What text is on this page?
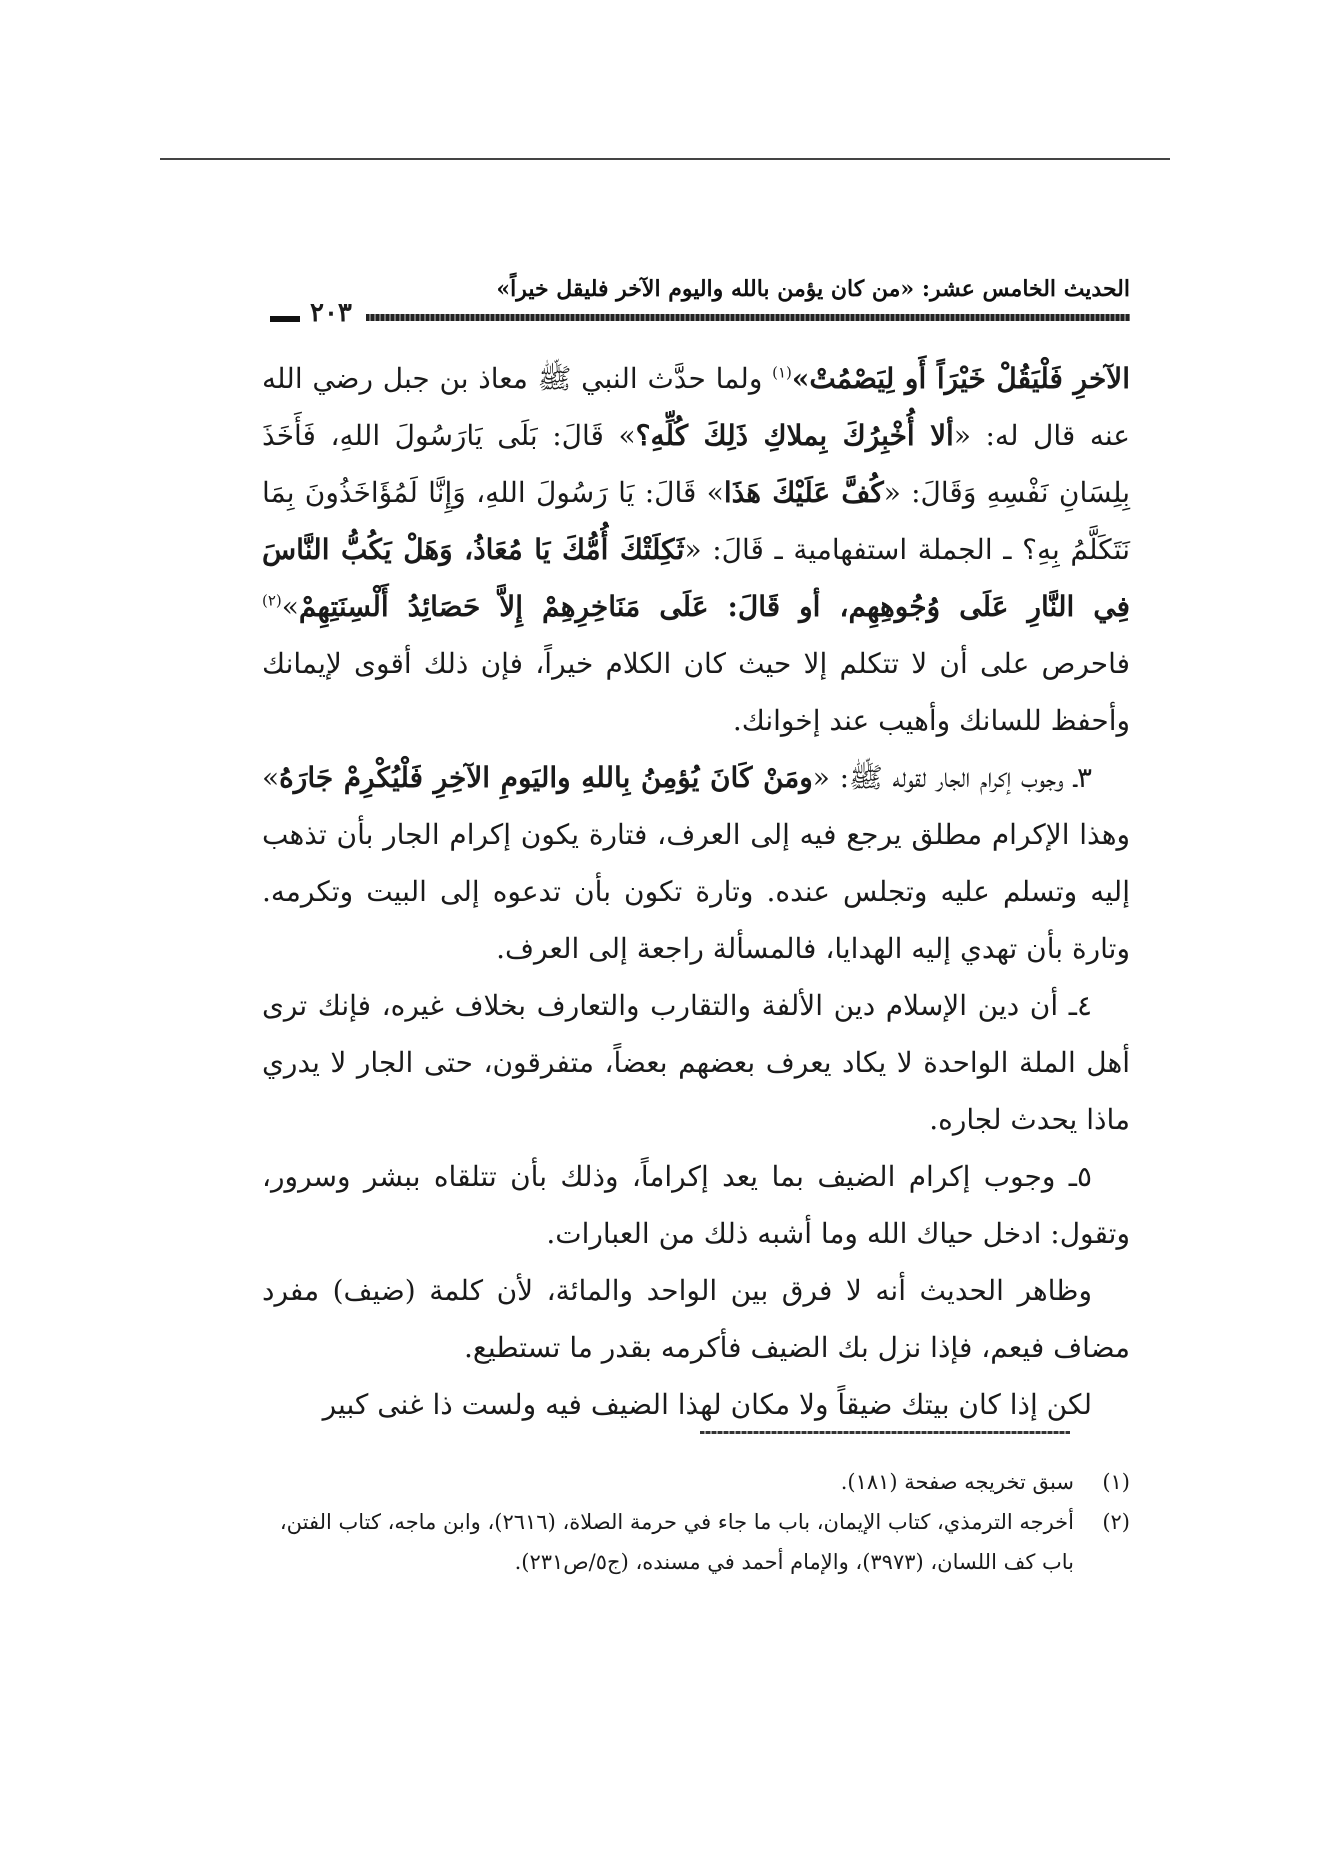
الحديث الخامس عشر: «من كان يؤمن بالله واليوم الآخر فليقل خيراً»
٢٠٣

الآخرِ فَلْيَقُلْ خَيْرَاً أَو لِيَصْمُتْ»$^{(١)}$ ولما حدَّث النبي ﷺ معاذ بن جبل رضي الله عنه قال له: «ألا أُخْبِرُكَ بِملاكِ ذَلِكَ كُلِّهِ؟» قَالَ: بَلَى يَارَسُولَ اللهِ، فَأَخَذَ بِلِسَانِ نَفْسِهِ وَقَالَ: «كُفَّ عَلَيْكَ هَذَا» قَالَ: يَا رَسُولَ اللهِ، وَإِنَّا لَمُؤَاخَذُونَ بِمَا نَتَكَلَّمُ بِهِ؟ ـ الجملة استفهامية ـ قَالَ: «ثَكِلَتْكَ أُمُّكَ يَا مُعَاذُ، وَهَلْ يَكُبُّ النَّاسَ فِي النَّارِ عَلَى وُجُوهِهِم، أو قَالَ: عَلَى مَنَاخِرِهِمْ إِلاَّ حَصَائِدُ أَلْسِنَتِهِمْ»$^{(٢)}$ فاحرص على أن لا تتكلم إلا حيث كان الكلام خيراً، فإن ذلك أقوى لإيمانك وأحفظ للسانك وأهيب عند إخوانك.

٣ـ وجوب إكرام الجار لقوله ﷺ: «ومَنْ كَانَ يُؤمِنُ بِاللهِ واليَومِ الآخِرِ فَلْيُكْرِمْ جَارَهُ» وهذا الإكرام مطلق يرجع فيه إلى العرف، فتارة يكون إكرام الجار بأن تذهب إليه وتسلم عليه وتجلس عنده. وتارة تكون بأن تدعوه إلى البيت وتكرمه. وتارة بأن تهدي إليه الهدايا، فالمسألة راجعة إلى العرف.

٤ـ أن دين الإسلام دين الألفة والتقارب والتعارف بخلاف غيره، فإنك ترى أهل الملة الواحدة لا يكاد يعرف بعضهم بعضاً، متفرقون، حتى الجار لا يدري ماذا يحدث لجاره.

٥ـ وجوب إكرام الضيف بما يعد إكراماً، وذلك بأن تتلقاه ببشر وسرور، وتقول: ادخل حياك الله وما أشبه ذلك من العبارات.

وظاهر الحديث أنه لا فرق بين الواحد والمائة، لأن كلمة (ضيف) مفرد مضاف فيعم، فإذا نزل بك الضيف فأكرمه بقدر ما تستطيع.

لكن إذا كان بيتك ضيقاً ولا مكان لهذا الضيف فيه ولست ذا غنى كبير

(١)
سبق تخريجه صفحة (١٨١).
(٢)
أخرجه الترمذي، كتاب الإيمان، باب ما جاء في حرمة الصلاة، (٢٦١٦)، وابن ماجه، كتاب الفتن، باب كف اللسان، (٣٩٧٣)، والإمام أحمد في مسنده، (ج٥/ص٢٣١).
